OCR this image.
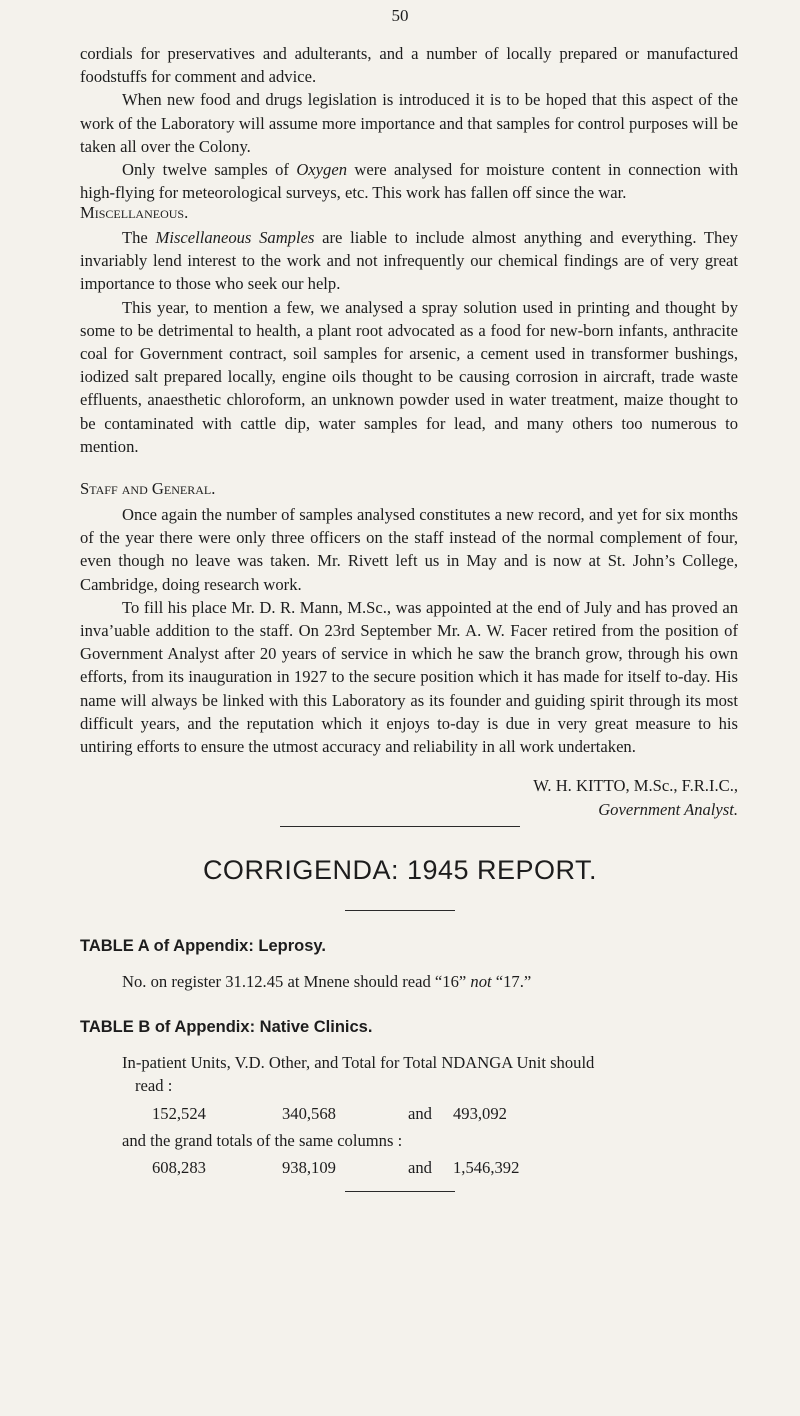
50

cordials for preservatives and adulterants, and a number of locally prepared or manufactured foodstuffs for comment and advice.

When new food and drugs legislation is introduced it is to be hoped that this aspect of the work of the Laboratory will assume more importance and that samples for control purposes will be taken all over the Colony.

Only twelve samples of Oxygen were analysed for moisture content in connection with high-flying for meteorological surveys, etc. This work has fallen off since the war.

Miscellaneous.

The Miscellaneous Samples are liable to include almost anything and everything. They invariably lend interest to the work and not infrequently our chemical findings are of very great importance to those who seek our help.

This year, to mention a few, we analysed a spray solution used in printing and thought by some to be detrimental to health, a plant root advocated as a food for new-born infants, anthracite coal for Government contract, soil samples for arsenic, a cement used in transformer bushings, iodized salt prepared locally, engine oils thought to be causing corrosion in aircraft, trade waste effluents, anaesthetic chloroform, an unknown powder used in water treatment, maize thought to be contaminated with cattle dip, water samples for lead, and many others too numerous to mention.

Staff and General.

Once again the number of samples analysed constitutes a new record, and yet for six months of the year there were only three officers on the staff instead of the normal complement of four, even though no leave was taken. Mr. Rivett left us in May and is now at St. John’s College, Cambridge, doing research work.

To fill his place Mr. D. R. Mann, M.Sc., was appointed at the end of July and has proved an inva’uable addition to the staff. On 23rd September Mr. A. W. Facer retired from the position of Government Analyst after 20 years of service in which he saw the branch grow, through his own efforts, from its inauguration in 1927 to the secure position which it has made for itself to-day. His name will always be linked with this Laboratory as its founder and guiding spirit through its most difficult years, and the reputation which it enjoys to-day is due in very great measure to his untiring efforts to ensure the utmost accuracy and reliability in all work undertaken.

W. H. KITTO, M.Sc., F.R.I.C.,
Government Analyst.
CORRIGENDA: 1945 REPORT.
TABLE A of Appendix: Leprosy.
No. on register 31.12.45 at Mnene should read “16” not “17.”
TABLE B of Appendix: Native Clinics.
In-patient Units, V.D. Other, and Total for Total NDANGA Unit should
read :
152,524	340,568	and 493,092
and the grand totals of the same columns :
608,283	938,109	and 1,546,392
